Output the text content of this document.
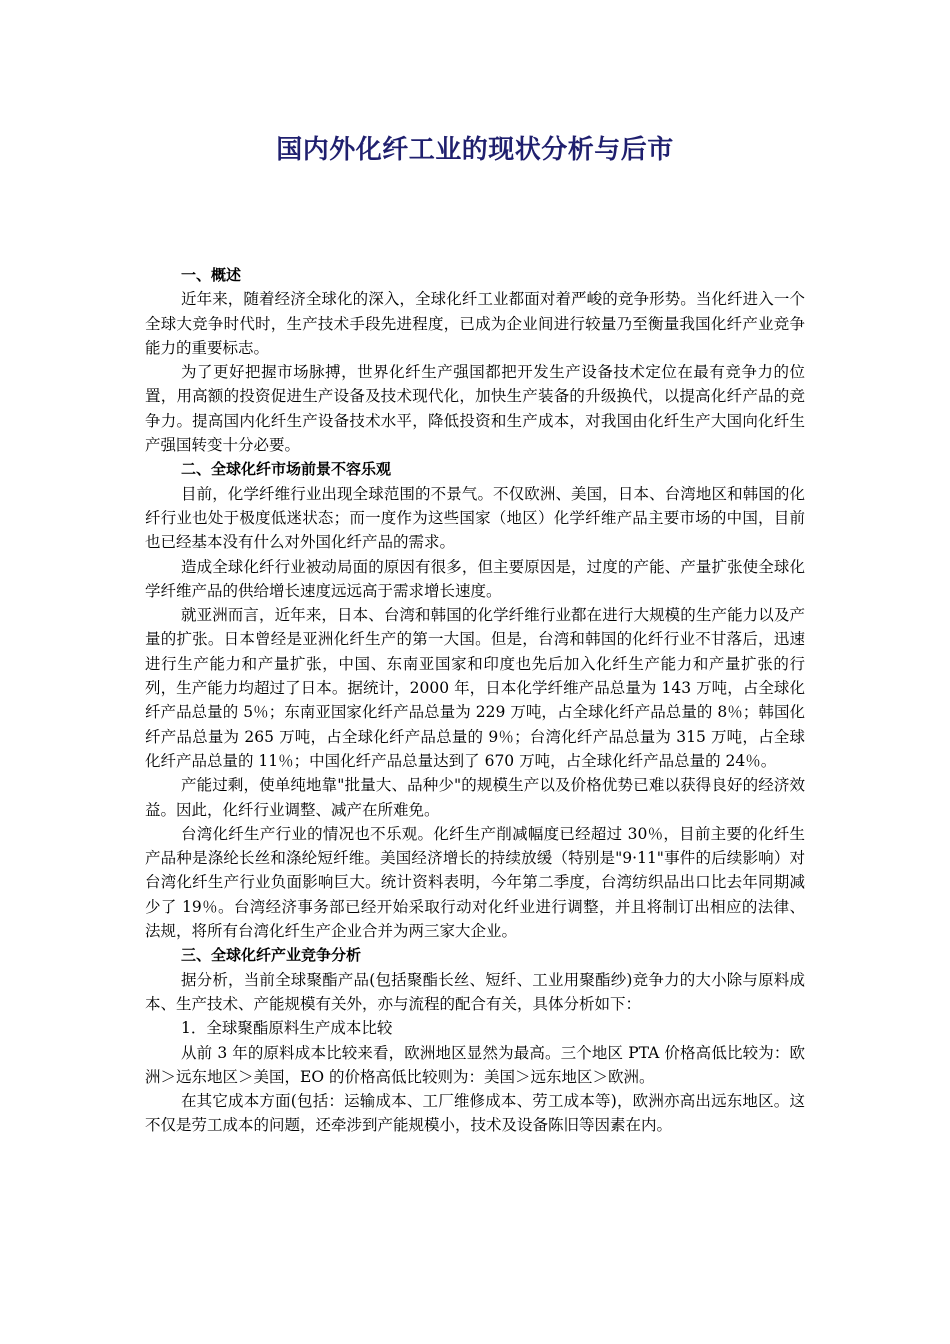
国内外化纤工业的现状分析与后市
一、概述

近年来，随着经济全球化的深入，全球化纤工业都面对着严峻的竞争形势。当化纤进入一个全球大竞争时代时，生产技术手段先进程度，已成为企业间进行较量乃至衡量我国化纤产业竞争能力的重要标志。

为了更好把握市场脉搏，世界化纤生产强国都把开发生产设备技术定位在最有竞争力的位置，用高额的投资促进生产设备及技术现代化，加快生产装备的升级换代，以提高化纤产品的竞争力。提高国内化纤生产设备技术水平，降低投资和生产成本，对我国由化纤生产大国向化纤生产强国转变十分必要。

二、全球化纤市场前景不容乐观

目前，化学纤维行业出现全球范围的不景气。不仅欧洲、美国，日本、台湾地区和韩国的化纤行业也处于极度低迷状态；而一度作为这些国家（地区）化学纤维产品主要市场的中国，目前也已经基本没有什么对外国化纤产品的需求。

造成全球化纤行业被动局面的原因有很多，但主要原因是，过度的产能、产量扩张使全球化学纤维产品的供给增长速度远远高于需求增长速度。

就亚洲而言，近年来，日本、台湾和韩国的化学纤维行业都在进行大规模的生产能力以及产量的扩张。日本曾经是亚洲化纤生产的第一大国。但是，台湾和韩国的化纤行业不甘落后，迅速进行生产能力和产量扩张，中国、东南亚国家和印度也先后加入化纤生产能力和产量扩张的行列，生产能力均超过了日本。据统计，2000 年，日本化学纤维产品总量为 143 万吨，占全球化纤产品总量的 5％；东南亚国家化纤产品总量为 229 万吨，占全球化纤产品总量的 8％；韩国化纤产品总量为 265 万吨，占全球化纤产品总量的 9％；台湾化纤产品总量为 315 万吨，占全球化纤产品总量的 11％；中国化纤产品总量达到了 670 万吨，占全球化纤产品总量的 24％。

产能过剩，使单纯地靠"批量大、品种少"的规模生产以及价格优势已难以获得良好的经济效益。因此，化纤行业调整、减产在所难免。

台湾化纤生产行业的情况也不乐观。化纤生产削减幅度已经超过 30％，目前主要的化纤生产品种是涤纶长丝和涤纶短纤维。美国经济增长的持续放缓（特别是"9·11"事件的后续影响）对台湾化纤生产行业负面影响巨大。统计资料表明，今年第二季度，台湾纺织品出口比去年同期减少了 19％。台湾经济事务部已经开始采取行动对化纤业进行调整，并且将制订出相应的法律、法规，将所有台湾化纤生产企业合并为两三家大企业。

三、全球化纤产业竞争分析

据分析，当前全球聚酯产品(包括聚酯长丝、短纤、工业用聚酯纱)竞争力的大小除与原料成本、生产技术、产能规模有关外，亦与流程的配合有关，具体分析如下：

1．全球聚酯原料生产成本比较

从前 3 年的原料成本比较来看，欧洲地区显然为最高。三个地区 PTA 价格高低比较为：欧洲＞远东地区＞美国，EO 的价格高低比较则为：美国＞远东地区＞欧洲。

在其它成本方面(包括：运输成本、工厂维修成本、劳工成本等)，欧洲亦高出远东地区。这不仅是劳工成本的问题，还牵涉到产能规模小，技术及设备陈旧等因素在内。
